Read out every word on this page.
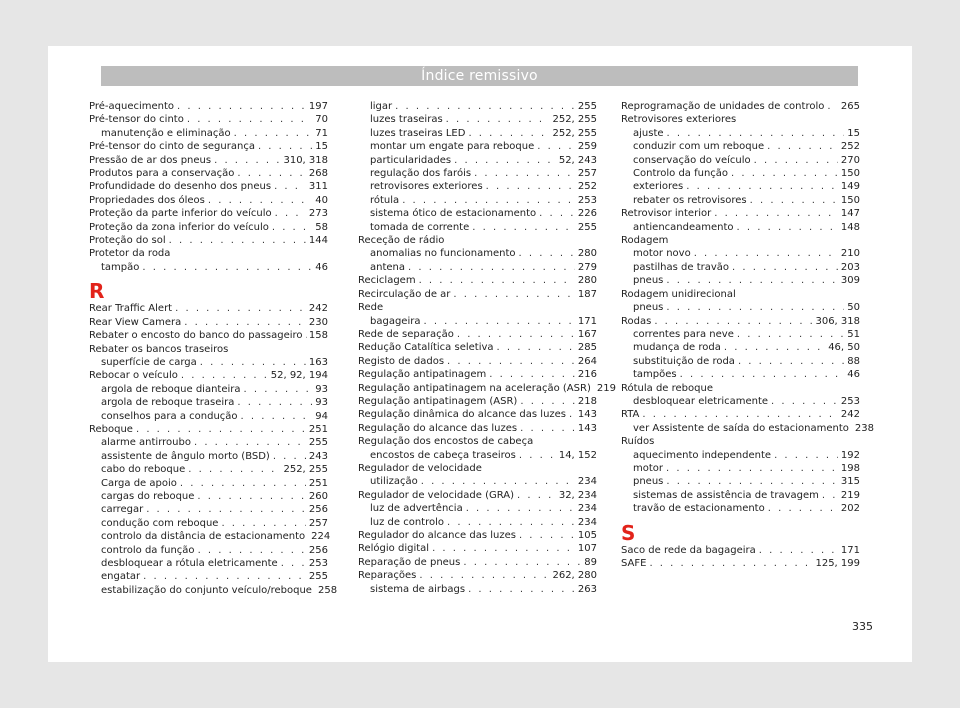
Índice remissivo
Pré-aquecimento . . .	197
Pré-tensor do cinto . . .	70
manutenção e eliminação . . .	71
Pré-tensor do cinto de segurança . . .	15
Pressão de ar dos pneus . . .	310, 318
Produtos para a conservação . . .	268
Profundidade do desenho dos pneus . . .	311
Propriedades dos óleos . . .	40
Proteção da parte inferior do veículo . . .	273
Proteção da zona inferior do veículo . . .	58
Proteção do sol . . .	144
Protetor da roda
tampão . . .	46
R
Rear Traffic Alert . . .	242
Rear View Camera . . .	230
Rebater o encosto do banco do passageiro . . . 158
Rebater os bancos traseiros
superfície de carga . . .	163
Rebocar o veículo . . .	52, 92, 194
argola de reboque dianteira . . .	93
argola de reboque traseira . . .	93
conselhos para a condução . . .	94
Reboque . . .	251
alarme antirroubo . . .	255
assistente de ângulo morto (BSD) . . .	243
cabo do reboque . . .	252, 255
Carga de apoio . . .	251
cargas do reboque . . .	260
carregar . . .	256
condução com reboque . . .	257
controlo da distância de estacionamento 224
controlo da função . . .	256
desbloquear a rótula eletricamente . . .	253
engatar . . .	255
estabilização do conjunto veículo/reboque 258
ligar . . .	255
luzes traseiras . . .	252, 255
luzes traseiras LED . . .	252, 255
montar um engate para reboque . . .	259
particularidades . . .	52, 243
regulação dos faróis . . .	257
retrovisores exteriores . . .	252
rótula . . .	253
sistema ótico de estacionamento . . .	226
tomada de corrente . . .	255
Receção de rádio
anomalias no funcionamento . . .	280
antena . . .	279
Reciclagem . . .	280
Recirculação de ar . . .	187
Rede
bagageira . . .	171
Rede de separação . . .	167
Redução Catalítica seletiva . . .	285
Registo de dados . . .	264
Regulação antipatinagem . . .	216
Regulação antipatinagem na aceleração (ASR) 219
Regulação antipatinagem (ASR) . . .	218
Regulação dinâmica do alcance das luzes . . . 143
Regulação do alcance das luzes . . .	143
Regulação dos encostos de cabeça
encostos de cabeça traseiros . . .	14, 152
Regulador de velocidade
utilização . . .	234
Regulador de velocidade (GRA) . . .	32, 234
luz de advertência . . .	234
luz de controlo . . .	234
Regulador do alcance das luzes . . .	105
Relógio digital . . .	107
Reparação de pneus . . .	89
Reparações . . .	262, 280
sistema de airbags . . .	263
Reprogramação de unidades de controlo . . . 265
Retrovisores exteriores
ajuste . . .	15
conduzir com um reboque . . .	252
conservação do veículo . . .	270
Controlo da função . . .	150
exteriores . . .	149
rebater os retrovisores . . .	150
Retrovisor interior . . .	147
antiencandeamento . . .	148
Rodagem
motor novo . . .	210
pastilhas de travão . . .	203
pneus . . .	309
Rodagem unidirecional
pneus . . .	50
Rodas . . .	306, 318
correntes para neve . . .	51
mudança de roda . . .	46, 50
substituição de roda . . .	88
tampões . . .	46
Rótula de reboque
desbloquear eletricamente . . .	253
RTA . . .	242
ver Assistente de saída do estacionamento 238
Ruídos
aquecimento independente . . .	192
motor . . .	198
pneus . . .	315
sistemas de assistência de travagem . . . 219
travão de estacionamento . . .	202
S
Saco de rede da bagageira . . .	171
SAFE . . .	125, 199
335
